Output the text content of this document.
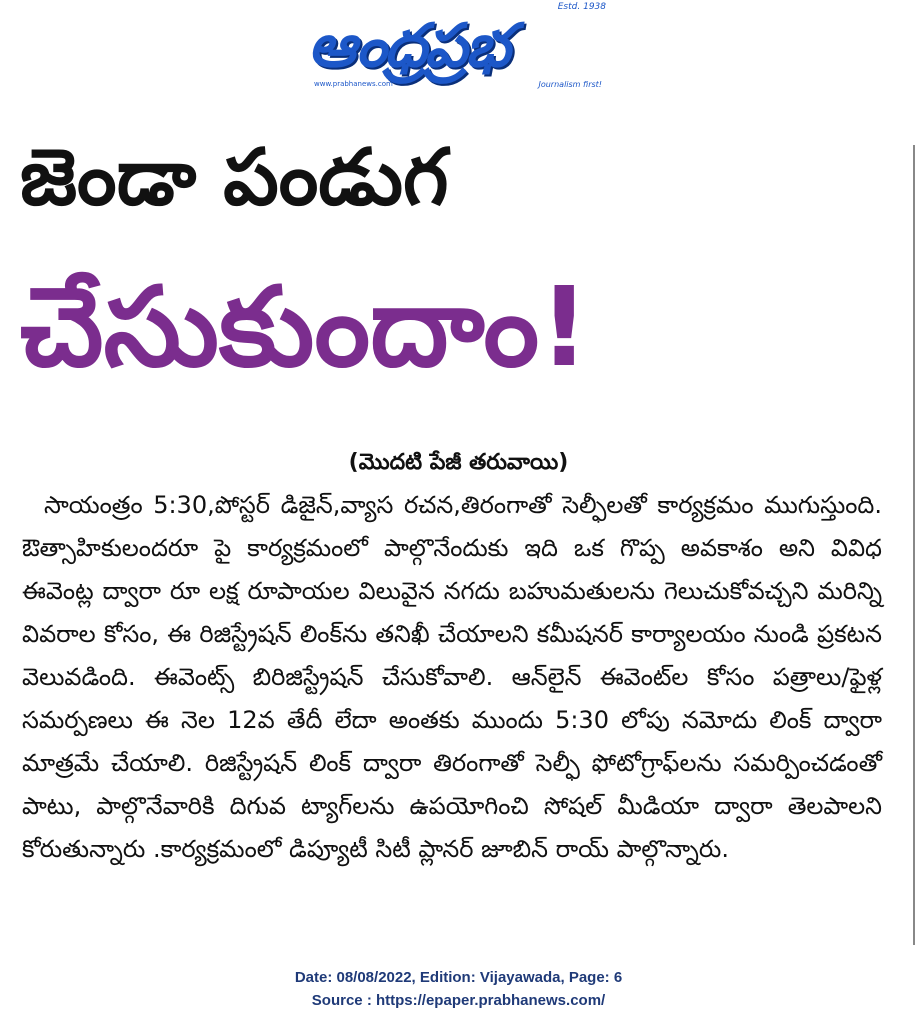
ఆంధ్రప్రభ
Estd. 1938
www.prabhanews.com	Journalism first!
జెండా పండుగ
చేసుకుందాం!
(మొదటి పేజీ తరువాయి)
సాయంత్రం 5:30,పోస్టర్ డిజైన్,వ్యాస రచన,తిరంగాతో సెల్ఫీలతో కార్యక్రమం ముగుస్తుంది. ఔత్సాహికులందరూ పై కార్యక్రమంలో పాల్గొనేందుకు ఇది ఒక గొప్ప అవకాశం అని వివిధ ఈవెంట్ల ద్వారా రూ లక్ష రూపాయల విలువైన నగదు బహుమతులను గెలుచుకోవచ్చని మరిన్ని వివరాల కోసం, ఈ రిజిస్ట్రేషన్ లింక్‌ను తనిఖీ చేయాలని కమీషనర్ కార్యాలయం నుండి ప్రకటన వెలువడింది. ఈవెంట్స్ బిరిజిస్ట్రేషన్ చేసుకోవాలి. ఆన్‌లైన్ ఈవెంట్‌ల కోసం పత్రాలు/ఫైళ్ల సమర్పణలు ఈ నెల 12వ తేదీ లేదా అంతకు ముందు 5:30 లోపు నమోదు లింక్ ద్వారా మాత్రమే చేయాలి. రిజిస్ట్రేషన్ లింక్ ద్వారా తిరంగాతో సెల్ఫీ ఫోటోగ్రాఫ్‌లను సమర్పించడంతో పాటు, పాల్గొనేవారికి దిగువ ట్యాగ్‌లను ఉపయోగించి సోషల్ మీడియా ద్వారా తెలపాలని కోరుతున్నారు .కార్యక్రమంలో డిప్యూటీ సిటీ ప్లానర్ జూబిన్ రాయ్ పాల్గొన్నారు.
Date: 08/08/2022, Edition: Vijayawada, Page: 6
Source : https://epaper.prabhanews.com/
